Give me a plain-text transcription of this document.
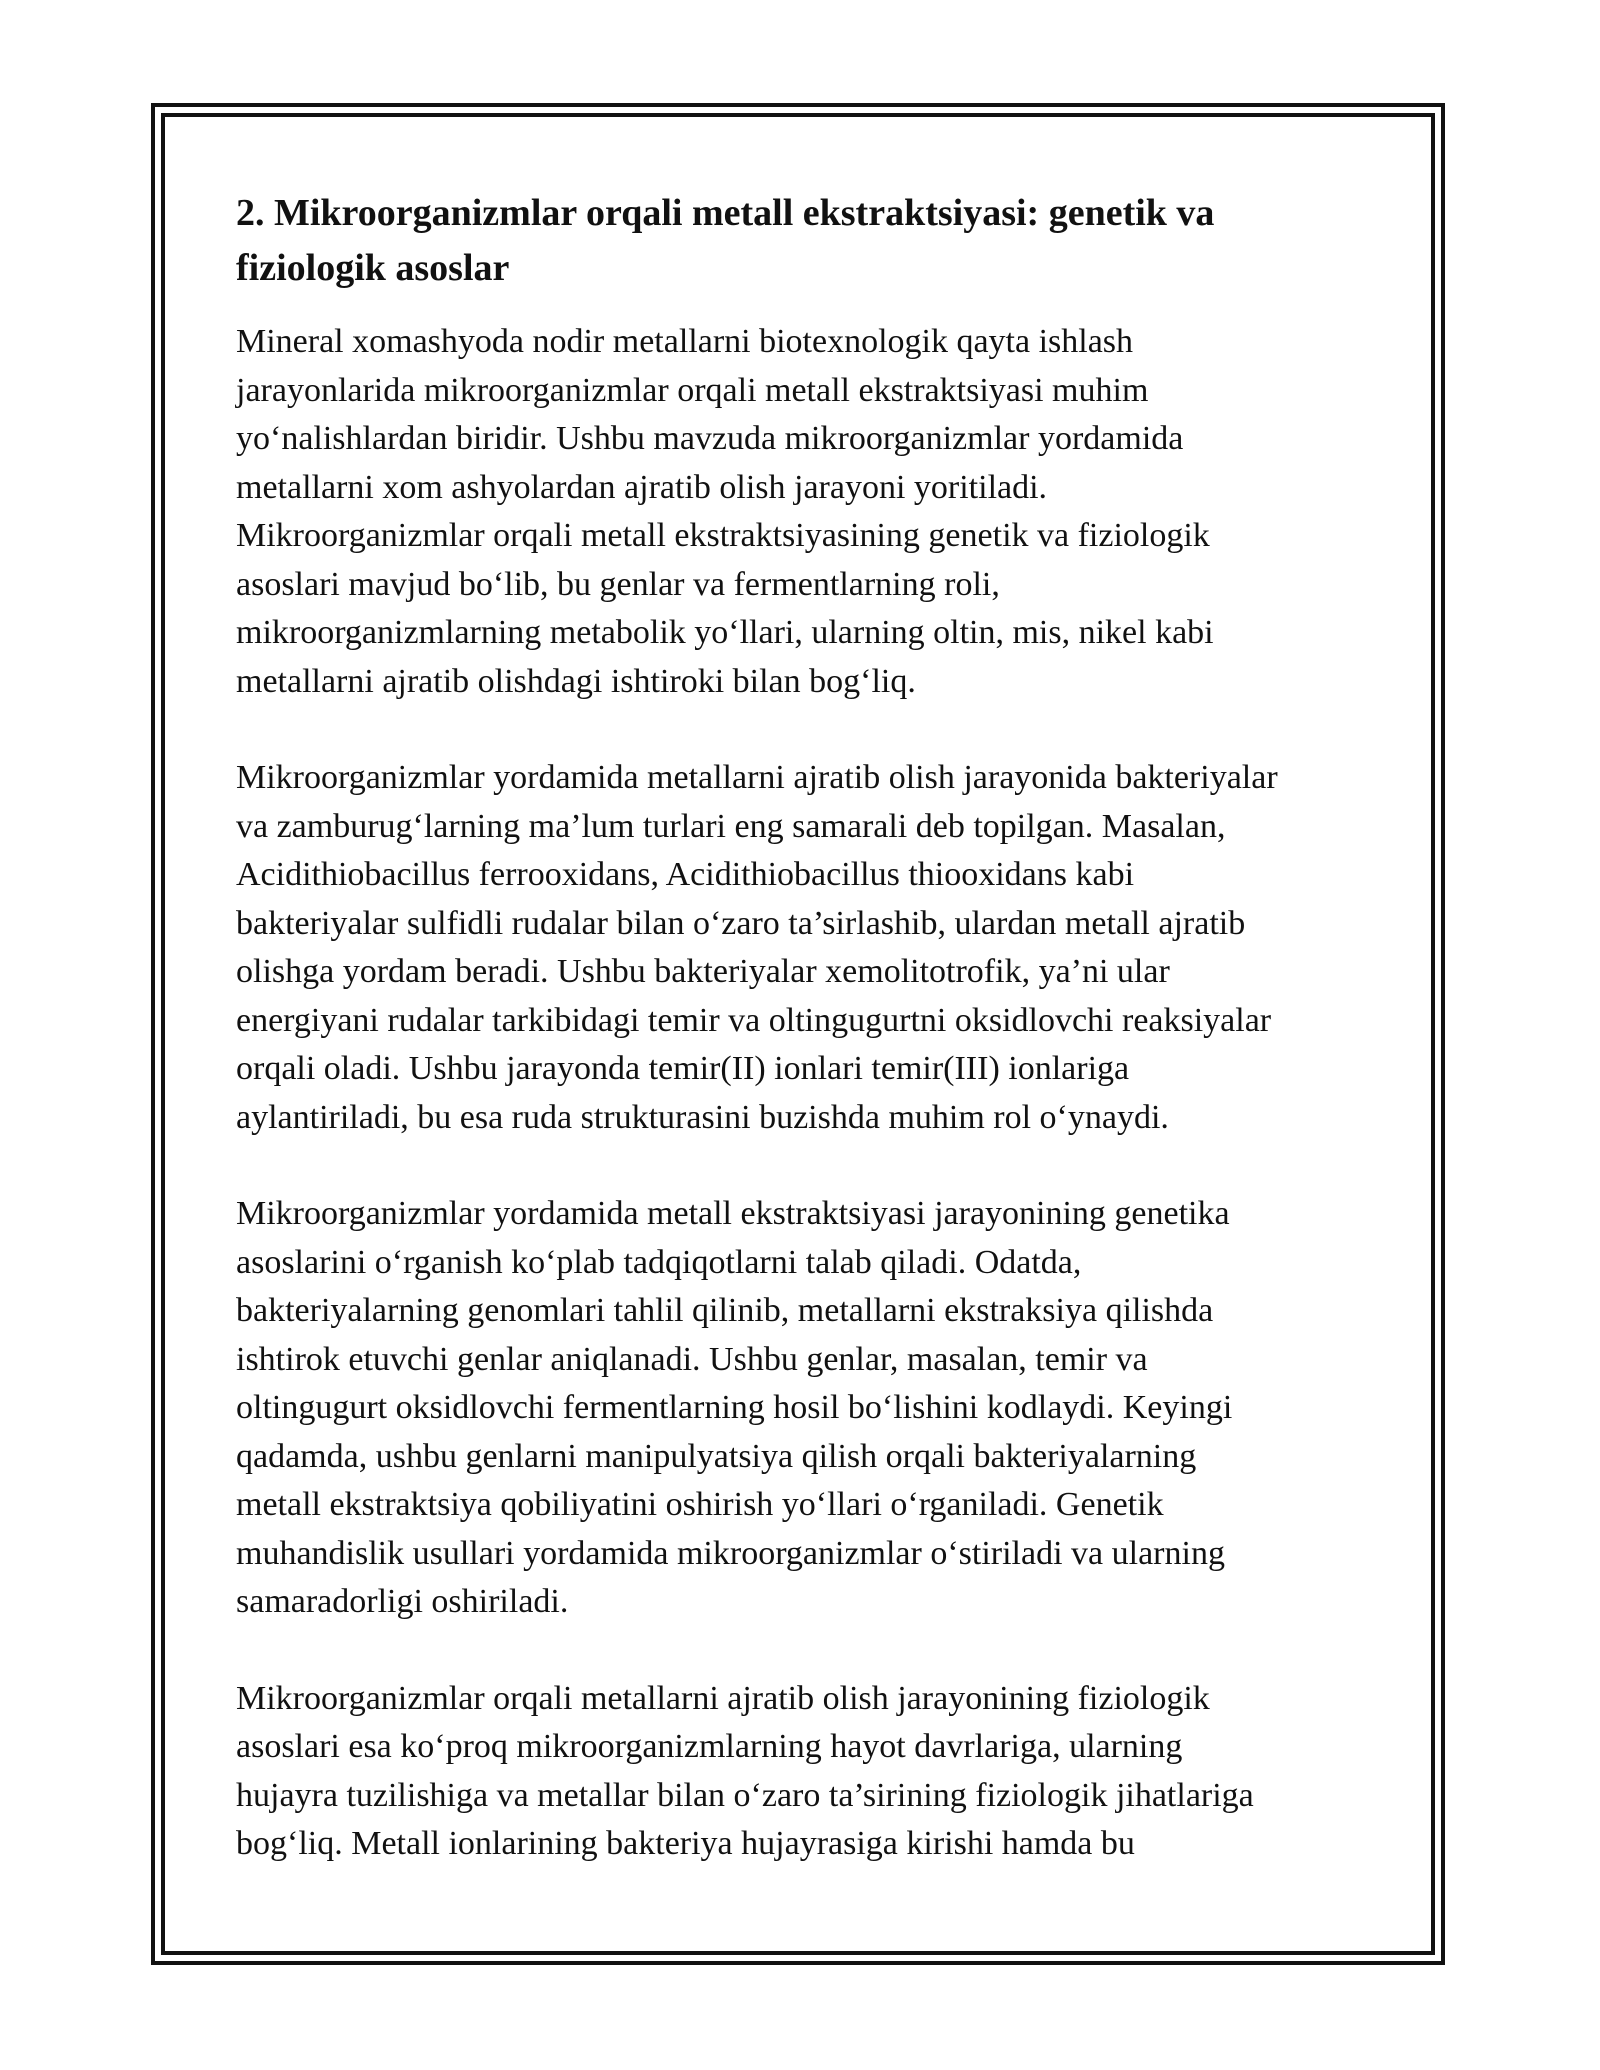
2. Mikroorganizmlar orqali metall ekstraktsiyasi: genetik va
fiziologik asoslar

Mineral xomashyoda nodir metallarni biotexnologik qayta ishlash
jarayonlarida mikroorganizmlar orqali metall ekstraktsiyasi muhim
yo‘nalishlardan biridir. Ushbu mavzuda mikroorganizmlar yordamida
metallarni xom ashyolardan ajratib olish jarayoni yoritiladi.
Mikroorganizmlar orqali metall ekstraktsiyasining genetik va fiziologik
asoslari mavjud bo‘lib, bu genlar va fermentlarning roli,
mikroorganizmlarning metabolik yo‘llari, ularning oltin, mis, nikel kabi
metallarni ajratib olishdagi ishtiroki bilan bog‘liq.

Mikroorganizmlar yordamida metallarni ajratib olish jarayonida bakteriyalar
va zamburug‘larning ma’lum turlari eng samarali deb topilgan. Masalan,
Acidithiobacillus ferrooxidans, Acidithiobacillus thiooxidans kabi
bakteriyalar sulfidli rudalar bilan o‘zaro ta’sirlashib, ulardan metall ajratib
olishga yordam beradi. Ushbu bakteriyalar xemolitotrofik, ya’ni ular
energiyani rudalar tarkibidagi temir va oltingugurtni oksidlovchi reaksiyalar
orqali oladi. Ushbu jarayonda temir(II) ionlari temir(III) ionlariga
aylantiriladi, bu esa ruda strukturasini buzishda muhim rol o‘ynaydi.

Mikroorganizmlar yordamida metall ekstraktsiyasi jarayonining genetika
asoslarini o‘rganish ko‘plab tadqiqotlarni talab qiladi. Odatda,
bakteriyalarning genomlari tahlil qilinib, metallarni ekstraksiya qilishda
ishtirok etuvchi genlar aniqlanadi. Ushbu genlar, masalan, temir va
oltingugurt oksidlovchi fermentlarning hosil bo‘lishini kodlaydi. Keyingi
qadamda, ushbu genlarni manipulyatsiya qilish orqali bakteriyalarning
metall ekstraktsiya qobiliyatini oshirish yo‘llari o‘rganiladi. Genetik
muhandislik usullari yordamida mikroorganizmlar o‘stiriladi va ularning
samaradorligi oshiriladi.

Mikroorganizmlar orqali metallarni ajratib olish jarayonining fiziologik
asoslari esa ko‘proq mikroorganizmlarning hayot davrlariga, ularning
hujayra tuzilishiga va metallar bilan o‘zaro ta’sirining fiziologik jihatlariga
bog‘liq. Metall ionlarining bakteriya hujayrasiga kirishi hamda bu
